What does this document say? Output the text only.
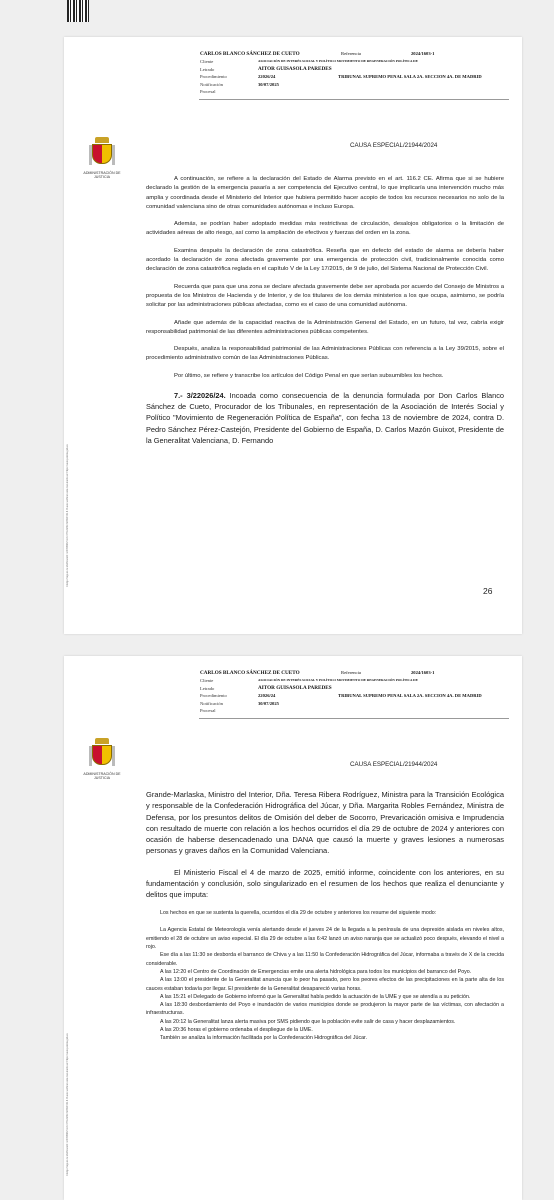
CARLOS BLANCO SÁNCHEZ DE CUETO
Cliente	ASOCIACIÓN DE INTERÉS SOCIAL Y POLÍTICO MOVIMIENTO DE REGENERACIÓN POLÍTICA DE
Letrado	AITOR GUISASOLA PAREDES
Procedimiento	22026/24	TRIBUNAL SUPREMO PENAL SALA 2A. SECCION 4A. DE MADRID
Notificación	30/07/2025
Procesal
Referencia	2024/1603-1
CAUSA ESPECIAL/21944/2024
ADMINISTRACIÓN DE JUSTICIA
Código Seguro de Verificación: E04799637-MJ-FP7UJM32-M9SW-0R.8 Puede verificar este documento en https://sede.justicia.gob.es

A continuación, se refiere a la declaración del Estado de Alarma previsto en el art. 116.2 CE. Afirma que si se hubiere declarado la gestión de la emergencia pasaría a ser competencia del Ejecutivo central, lo que implicaría una intervención mucho más amplia y coordinada desde el Ministerio del Interior que hubiera permitido hacer acopio de todos los recursos necesarios no solo de la comunidad valenciana sino de otras comunidades autónomas e incluso Europa.

Además, se podrían haber adoptado medidas más restrictivas de circulación, desalojos obligatorios o la limitación de actividades aéreas de alto riesgo, así como la ampliación de efectivos y fuerzas del orden en la zona.

Examina después la declaración de zona catastrófica. Reseña que en defecto del estado de alarma se debería haber acordado la declaración de zona afectada gravemente por una emergencia de protección civil, tradicionalmente conocida como declaración de zona catastrófica reglada en el capítulo V de la Ley 17/2015, de 9 de julio, del Sistema Nacional de Protección Civil.

Recuerda que para que una zona se declare afectada gravemente debe ser aprobada por acuerdo del Consejo de Ministros a propuesta de los Ministros de Hacienda y de Interior, y de los titulares de los demás ministerios a los que ocupa, asimismo, se podría solicitar por las administraciones públicas afectadas, como es el caso de una comunidad autónoma.

Añade que además de la capacidad reactiva de la Administración General del Estado, en un futuro, tal vez, cabría exigir responsabilidad patrimonial de las diferentes administraciones públicas competentes.

Después, analiza la responsabilidad patrimonial de las Administraciones Públicas con referencia a la Ley 39/2015, sobre el procedimiento administrativo común de las Administraciones Públicas.

Por último, se refiere y transcribe los artículos del Código Penal en que serían subsumibles los hechos.

7.- 3/22026/24. Incoada como consecuencia de la denuncia formulada por Don Carlos Blanco Sánchez de Cueto, Procurador de los Tribunales, en representación de la Asociación de Interés Social y Político "Movimiento de Regeneración Política de España", con fecha 13 de noviembre de 2024, contra D. Pedro Sánchez Pérez-Castejón, Presidente del Gobierno de España, D. Carlos Mazón Guixot, Presidente de la Generalitat Valenciana, D. Fernando

26
CARLOS BLANCO SÁNCHEZ DE CUETO
Cliente	ASOCIACIÓN DE INTERÉS SOCIAL Y POLÍTICO MOVIMIENTO DE REGENERACIÓN POLÍTICA DE
Letrado	AITOR GUISASOLA PAREDES
Procedimiento	22026/24	TRIBUNAL SUPREMO PENAL SALA 2A. SECCION 4A. DE MADRID
Notificación	30/07/2025
Procesal
Referencia	2024/1603-1
CAUSA ESPECIAL/21944/2024
ADMINISTRACIÓN DE JUSTICIA
Código Seguro de Verificación: E04799637-MJ-FP7UJM32-M9SW-0R.8 Puede verificar este documento en https://sede.justicia.gob.es

Grande-Marlaska, Ministro del Interior, Dña. Teresa Ribera Rodríguez, Ministra para la Transición Ecológica y responsable de la Confederación Hidrográfica del Júcar, y Dña. Margarita Robles Fernández, Ministra de Defensa, por los presuntos delitos de Omisión del deber de Socorro, Prevaricación omisiva e Imprudencia con resultado de muerte con relación a los hechos ocurridos el día 29 de octubre de 2024 y anteriores con ocasión de haberse desencadenado una DANA que causó la muerte y graves lesiones a numerosas personas y graves daños en la Comunidad Valenciana.

El Ministerio Fiscal el 4 de marzo de 2025, emitió informe, coincidente con los anteriores, en su fundamentación y conclusión, solo singularizado en el resumen de los hechos que realiza el denunciante y delitos que imputa:

Los hechos en que se sustenta la querella, ocurridos el día 29 de octubre y anteriores los resume del siguiente modo:

La Agencia Estatal de Meteorología venía alertando desde el jueves 24 de la llegada a la península de una depresión aislada en niveles altos, emitiendo el 28 de octubre un aviso especial. El día 29 de octubre a las 6:42 lanzó un aviso naranja que se actualizó poco después, elevando el nivel a rojo.

Ese día a las 11:30 se desborda el barranco de Chiva y a las 11:50 la Confederación Hidrográfica del Júcar, informaba a través de X de la crecida considerable.

A las 12:20 el Centro de Coordinación de Emergencias emite una alerta hidrológica para todos los municipios del barranco del Poyo.

A las 13:00 el presidente de la Generalitat anuncia que lo peor ha pasado, pero los peores efectos de las precipitaciones en la parte alta de los cauces estaban todavía por llegar. El presidente de la Generalitat desapareció varias horas.

A las 15:21 el Delegado de Gobierno informó que la Generalitat había pedido la actuación de la UME y que se atendía a su petición.

A las 18:30 desbordamiento del Poyo e inundación de varios municipios donde se produjeron la mayor parte de las víctimas, con afectación a infraestructuras.

A las 20:12 la Generalitat lanza alerta masiva por SMS pidiendo que la población evite salir de casa y hacer desplazamientos.

A las 20:36 horas el gobierno ordenaba el despliegue de la UME.

También se analiza la información facilitada por la Confederación Hidrográfica del Júcar.
